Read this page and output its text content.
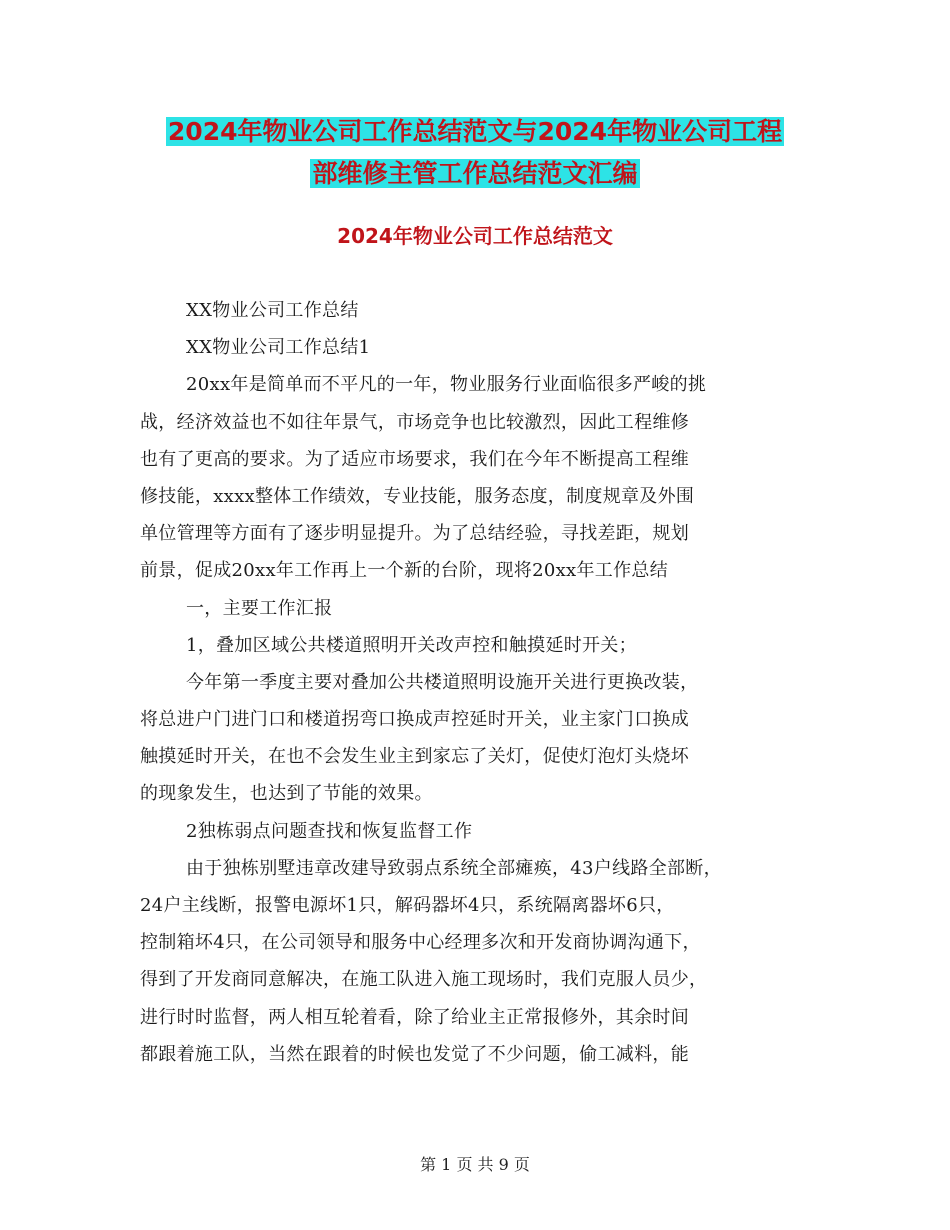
2024年物业公司工作总结范文与2024年物业公司工程
部维修主管工作总结范文汇编
2024年物业公司工作总结范文
XX物业公司工作总结
XX物业公司工作总结1
20xx年是简单而不平凡的一年，物业服务行业面临很多严峻的挑
战，经济效益也不如往年景气，市场竞争也比较激烈，因此工程维修
也有了更高的要求。为了适应市场要求，我们在今年不断提高工程维
修技能，xxxx整体工作绩效，专业技能，服务态度，制度规章及外围
单位管理等方面有了逐步明显提升。为了总结经验，寻找差距，规划
前景，促成20xx年工作再上一个新的台阶，现将20xx年工作总结
一，主要工作汇报
1，叠加区域公共楼道照明开关改声控和触摸延时开关；
今年第一季度主要对叠加公共楼道照明设施开关进行更换改装，
将总进户门进门口和楼道拐弯口换成声控延时开关，业主家门口换成
触摸延时开关，在也不会发生业主到家忘了关灯，促使灯泡灯头烧坏
的现象发生，也达到了节能的效果。
2独栋弱点问题查找和恢复监督工作
由于独栋别墅违章改建导致弱点系统全部瘫痪，43户线路全部断，
24户主线断，报警电源坏1只，解码器坏4只，系统隔离器坏6只，
控制箱坏4只，在公司领导和服务中心经理多次和开发商协调沟通下，
得到了开发商同意解决，在施工队进入施工现场时，我们克服人员少，
进行时时监督，两人相互轮着看，除了给业主正常报修外，其余时间
都跟着施工队，当然在跟着的时候也发觉了不少问题，偷工减料，能
第 1 页 共 9 页
